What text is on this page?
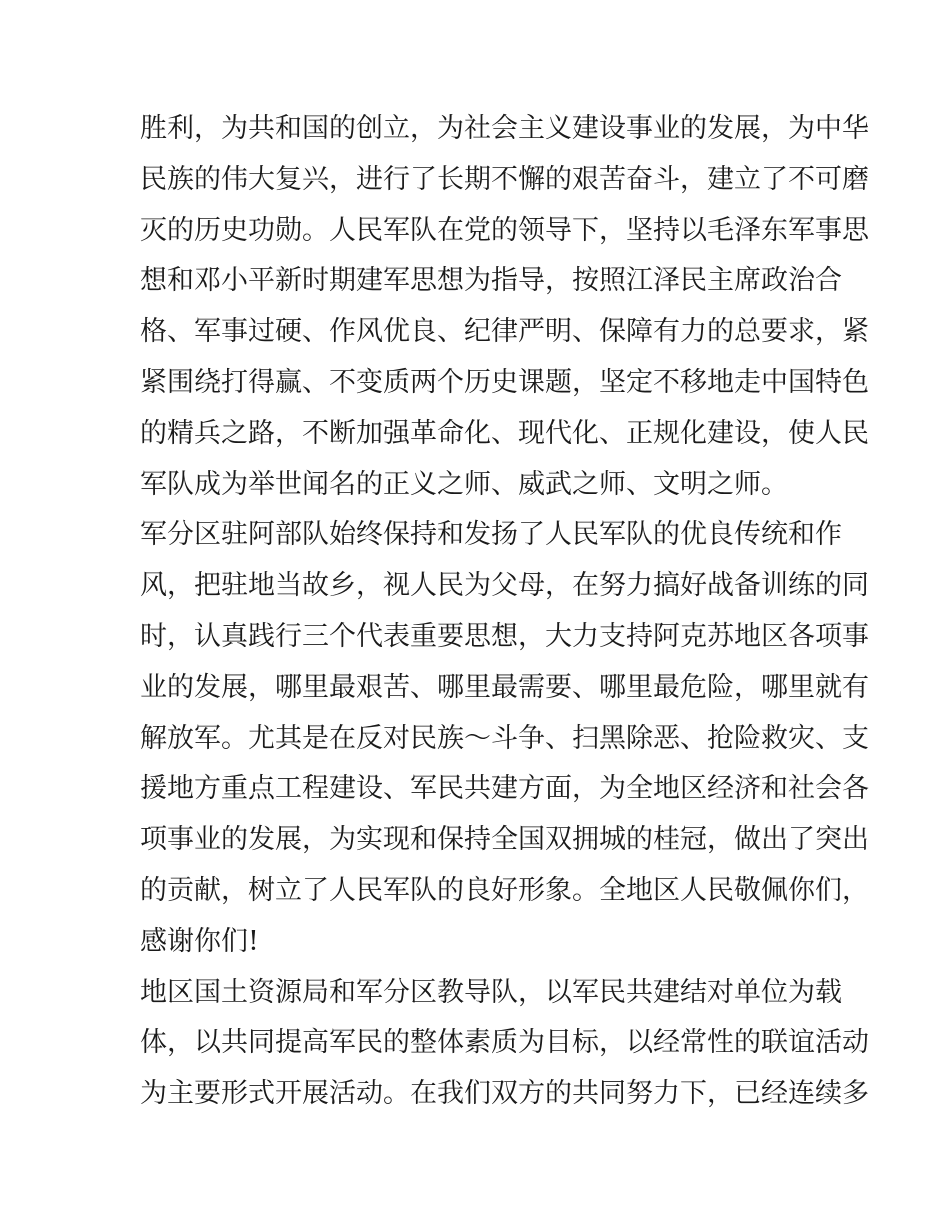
胜利，为共和国的创立，为社会主义建设事业的发展，为中华
民族的伟大复兴，进行了长期不懈的艰苦奋斗，建立了不可磨
灭的历史功勋。人民军队在党的领导下，坚持以毛泽东军事思
想和邓小平新时期建军思想为指导，按照江泽民主席政治合
格、军事过硬、作风优良、纪律严明、保障有力的总要求，紧
紧围绕打得赢、不变质两个历史课题，坚定不移地走中国特色
的精兵之路，不断加强革命化、现代化、正规化建设，使人民
军队成为举世闻名的正义之师、威武之师、文明之师。
军分区驻阿部队始终保持和发扬了人民军队的优良传统和作
风，把驻地当故乡，视人民为父母，在努力搞好战备训练的同
时，认真践行三个代表重要思想，大力支持阿克苏地区各项事
业的发展，哪里最艰苦、哪里最需要、哪里最危险，哪里就有
解放军。尤其是在反对民族～斗争、扫黑除恶、抢险救灾、支
援地方重点工程建设、军民共建方面，为全地区经济和社会各
项事业的发展，为实现和保持全国双拥城的桂冠，做出了突出
的贡献，树立了人民军队的良好形象。全地区人民敬佩你们，
感谢你们!
地区国土资源局和军分区教导队，以军民共建结对单位为载
体，以共同提高军民的整体素质为目标，以经常性的联谊活动
为主要形式开展活动。在我们双方的共同努力下，已经连续多
